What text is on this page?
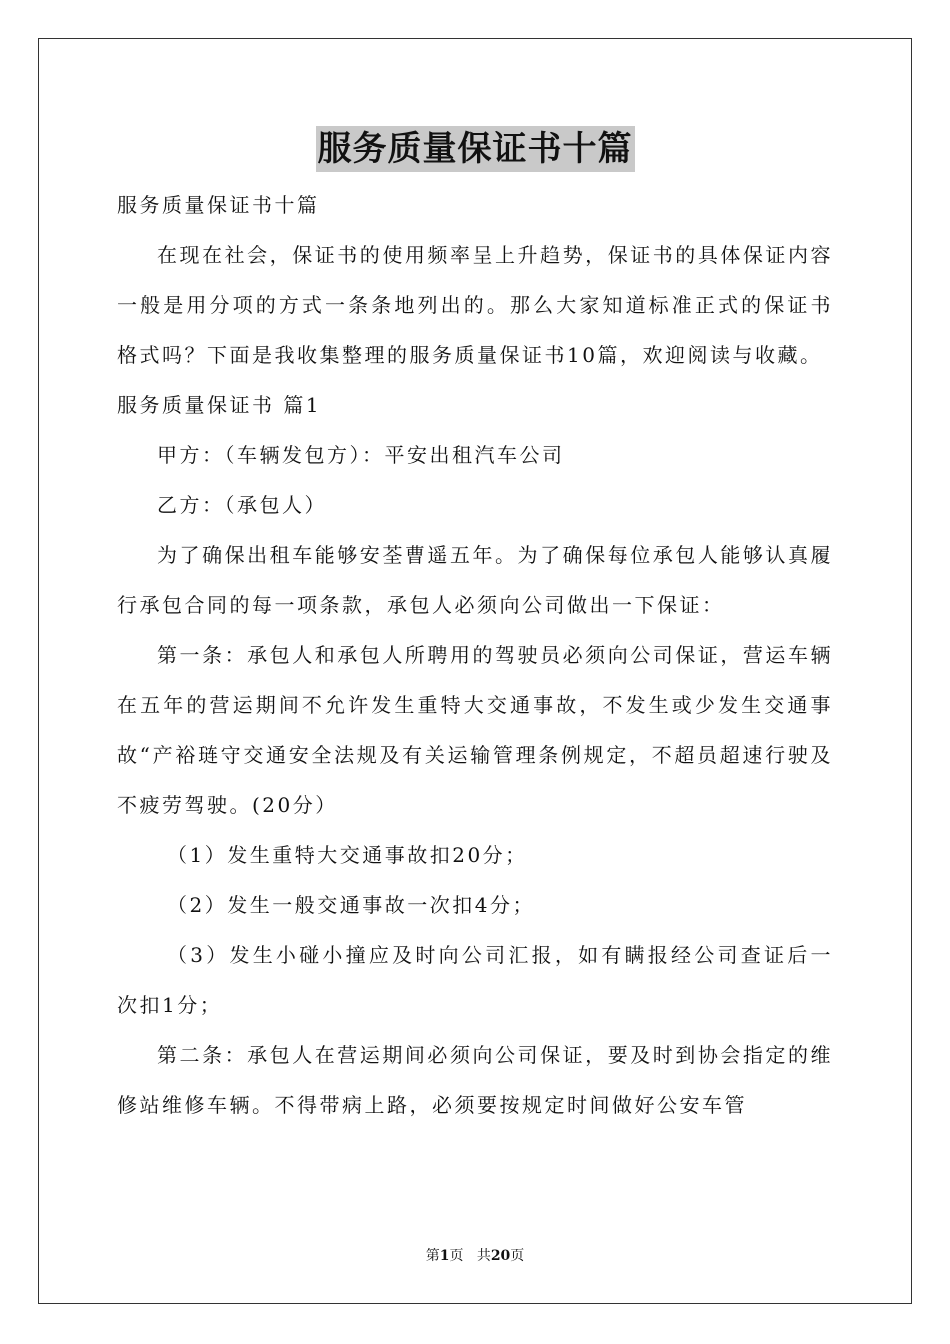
服务质量保证书十篇

服务质量保证书十篇

在现在社会，保证书的使用频率呈上升趋势，保证书的具体保证内容一般是用分项的方式一条条地列出的。那么大家知道标准正式的保证书格式吗？下面是我收集整理的服务质量保证书10篇，欢迎阅读与收藏。

服务质量保证书 篇1

甲方：（车辆发包方）：平安出租汽车公司

乙方：（承包人）

为了确保出租车能够安荃曹遥五年。为了确保每位承包人能够认真履行承包合同的每一项条款，承包人必须向公司做出一下保证：

第一条：承包人和承包人所聘用的驾驶员必须向公司保证，营运车辆在五年的营运期间不允许发生重特大交通事故，不发生或少发生交通事故“产裕琏守交通安全法规及有关运输管理条例规定，不超员超速行驶及不疲劳驾驶。(20分）

（1）发生重特大交通事故扣20分；

（2）发生一般交通事故一次扣4分；

（3）发生小碰小撞应及时向公司汇报，如有瞒报经公司查证后一次扣1分；

第二条：承包人在营运期间必须向公司保证，要及时到协会指定的维修站维修车辆。不得带病上路，必须要按规定时间做好公安车管

第1页 共20页
